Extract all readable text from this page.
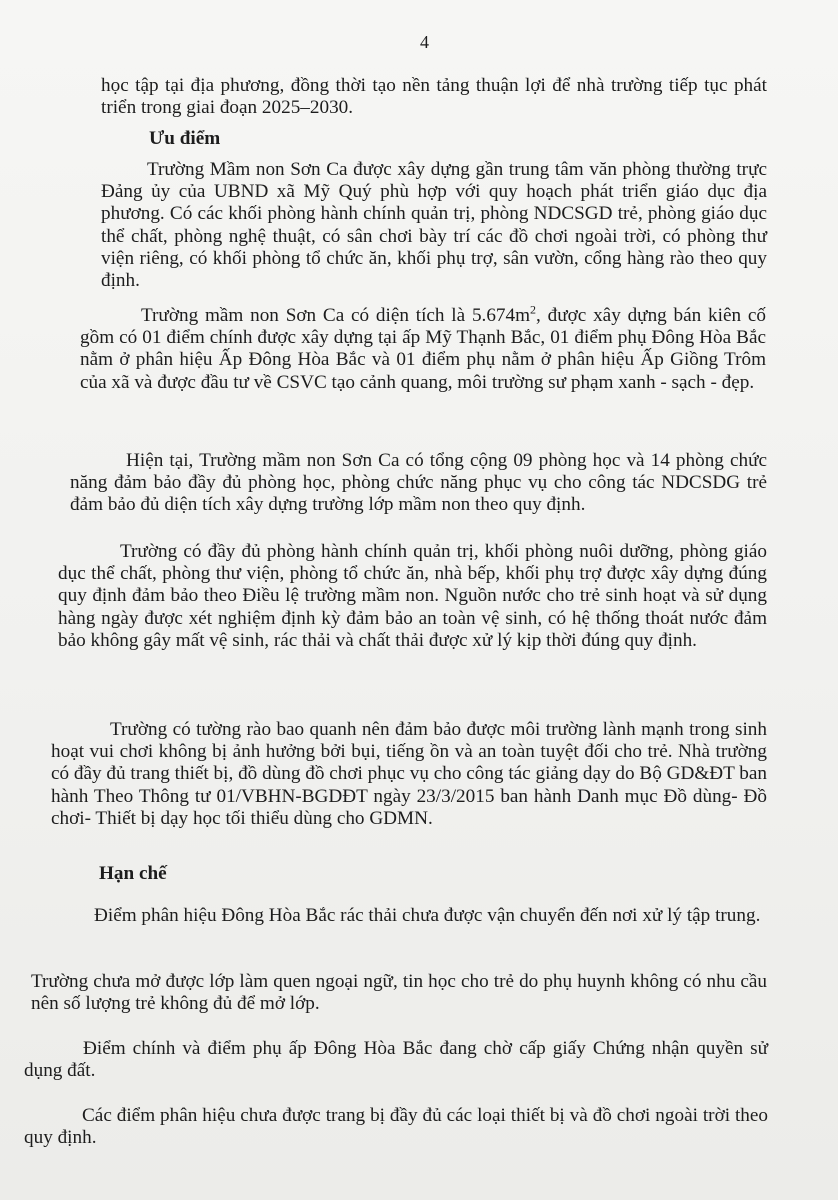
4

học tập tại địa phương, đồng thời tạo nền tảng thuận lợi để nhà trường tiếp tục phát triển trong giai đoạn 2025–2030.

Ưu điểm

Trường Mầm non Sơn Ca được xây dựng gần trung tâm văn phòng thường trực Đảng ủy của UBND xã Mỹ Quý phù hợp với quy hoạch phát triển giáo dục địa phương. Có các khối phòng hành chính quản trị, phòng NDCSGD trẻ, phòng giáo dục thể chất, phòng nghệ thuật, có sân chơi bày trí các đồ chơi ngoài trời, có phòng thư viện riêng, có khối phòng tổ chức ăn, khối phụ trợ, sân vườn, cổng hàng rào theo quy định.

Trường mầm non Sơn Ca có diện tích là $5.674m^2$, được xây dựng bán kiên cố gồm có 01 điểm chính được xây dựng tại ấp Mỹ Thạnh Bắc, 01 điểm phụ Đông Hòa Bắc nằm ở phân hiệu Ấp Đông Hòa Bắc và 01 điểm phụ nằm ở phân hiệu Ấp Giồng Trôm của xã và được đầu tư về CSVC tạo cảnh quang, môi trường sư phạm xanh - sạch - đẹp.

Hiện tại, Trường mầm non Sơn Ca có tổng cộng 09 phòng học và 14 phòng chức năng đảm bảo đầy đủ phòng học, phòng chức năng phục vụ cho công tác NDCSDG trẻ đảm bảo đủ diện tích xây dựng trường lớp mầm non theo quy định.

Trường có đầy đủ phòng hành chính quản trị, khối phòng nuôi dưỡng, phòng giáo dục thể chất, phòng thư viện, phòng tổ chức ăn, nhà bếp, khối phụ trợ được xây dựng đúng quy định đảm bảo theo Điều lệ trường mầm non. Nguồn nước cho trẻ sinh hoạt và sử dụng hàng ngày được xét nghiệm định kỳ đảm bảo an toàn vệ sinh, có hệ thống thoát nước đảm bảo không gây mất vệ sinh, rác thải và chất thải được xử lý kịp thời đúng quy định.

Trường có tường rào bao quanh nên đảm bảo được môi trường lành mạnh trong sinh hoạt vui chơi không bị ảnh hưởng bởi bụi, tiếng ồn và an toàn tuyệt đối cho trẻ. Nhà trường có đầy đủ trang thiết bị, đồ dùng đồ chơi phục vụ cho công tác giảng dạy do Bộ GD&ĐT ban hành Theo Thông tư 01/VBHN-BGDĐT ngày 23/3/2015 ban hành Danh mục Đồ dùng- Đồ chơi- Thiết bị dạy học tối thiểu dùng cho GDMN.

Hạn chế

Điểm phân hiệu Đông Hòa Bắc rác thải chưa được vận chuyển đến nơi xử lý tập trung.

Trường chưa mở được lớp làm quen ngoại ngữ, tin học cho trẻ do phụ huynh không có nhu cầu nên số lượng trẻ không đủ để mở lớp.

Điểm chính và điểm phụ ấp Đông Hòa Bắc đang chờ cấp giấy Chứng nhận quyền sử dụng đất.

Các điểm phân hiệu chưa được trang bị đầy đủ các loại thiết bị và đồ chơi ngoài trời theo quy định.
